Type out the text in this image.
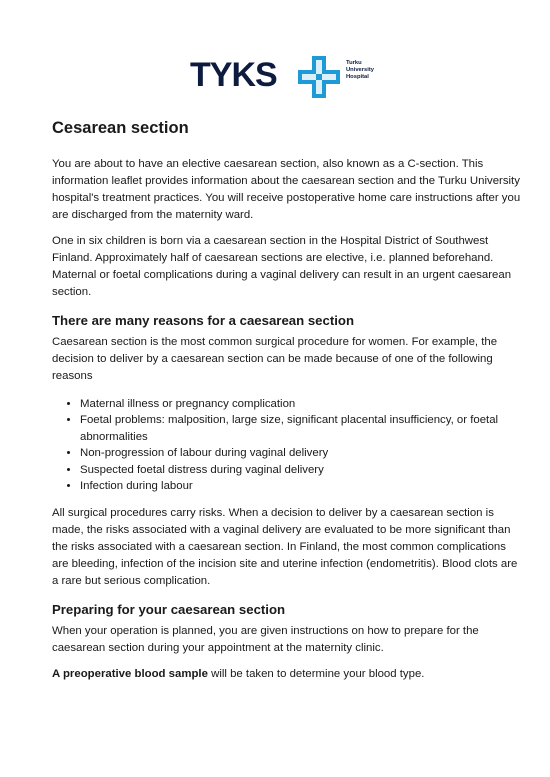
TYKS	Turku
University
Hospital
Cesarean section

You are about to have an elective caesarean section, also known as a C-section. This information leaflet provides information about the caesarean section and the Turku University hospital's treatment practices. You will receive postoperative home care instructions after you are discharged from the maternity ward.

One in six children is born via a caesarean section in the Hospital District of Southwest Finland. Approximately half of caesarean sections are elective, i.e. planned beforehand. Maternal or foetal complications during a vaginal delivery can result in an urgent caesarean section.

There are many reasons for a caesarean section

Caesarean section is the most common surgical procedure for women. For example, the decision to deliver by a caesarean section can be made because of one of the following reasons

• Maternal illness or pregnancy complication
• Foetal problems: malposition, large size, significant placental insufficiency, or foetal abnormalities
• Non-progression of labour during vaginal delivery
• Suspected foetal distress during vaginal delivery
• Infection during labour

All surgical procedures carry risks. When a decision to deliver by a caesarean section is made, the risks associated with a vaginal delivery are evaluated to be more significant than the risks associated with a caesarean section. In Finland, the most common complications are bleeding, infection of the incision site and uterine infection (endometritis). Blood clots are a rare but serious complication.

Preparing for your caesarean section

When your operation is planned, you are given instructions on how to prepare for the caesarean section during your appointment at the maternity clinic.

A preoperative blood sample will be taken to determine your blood type.
